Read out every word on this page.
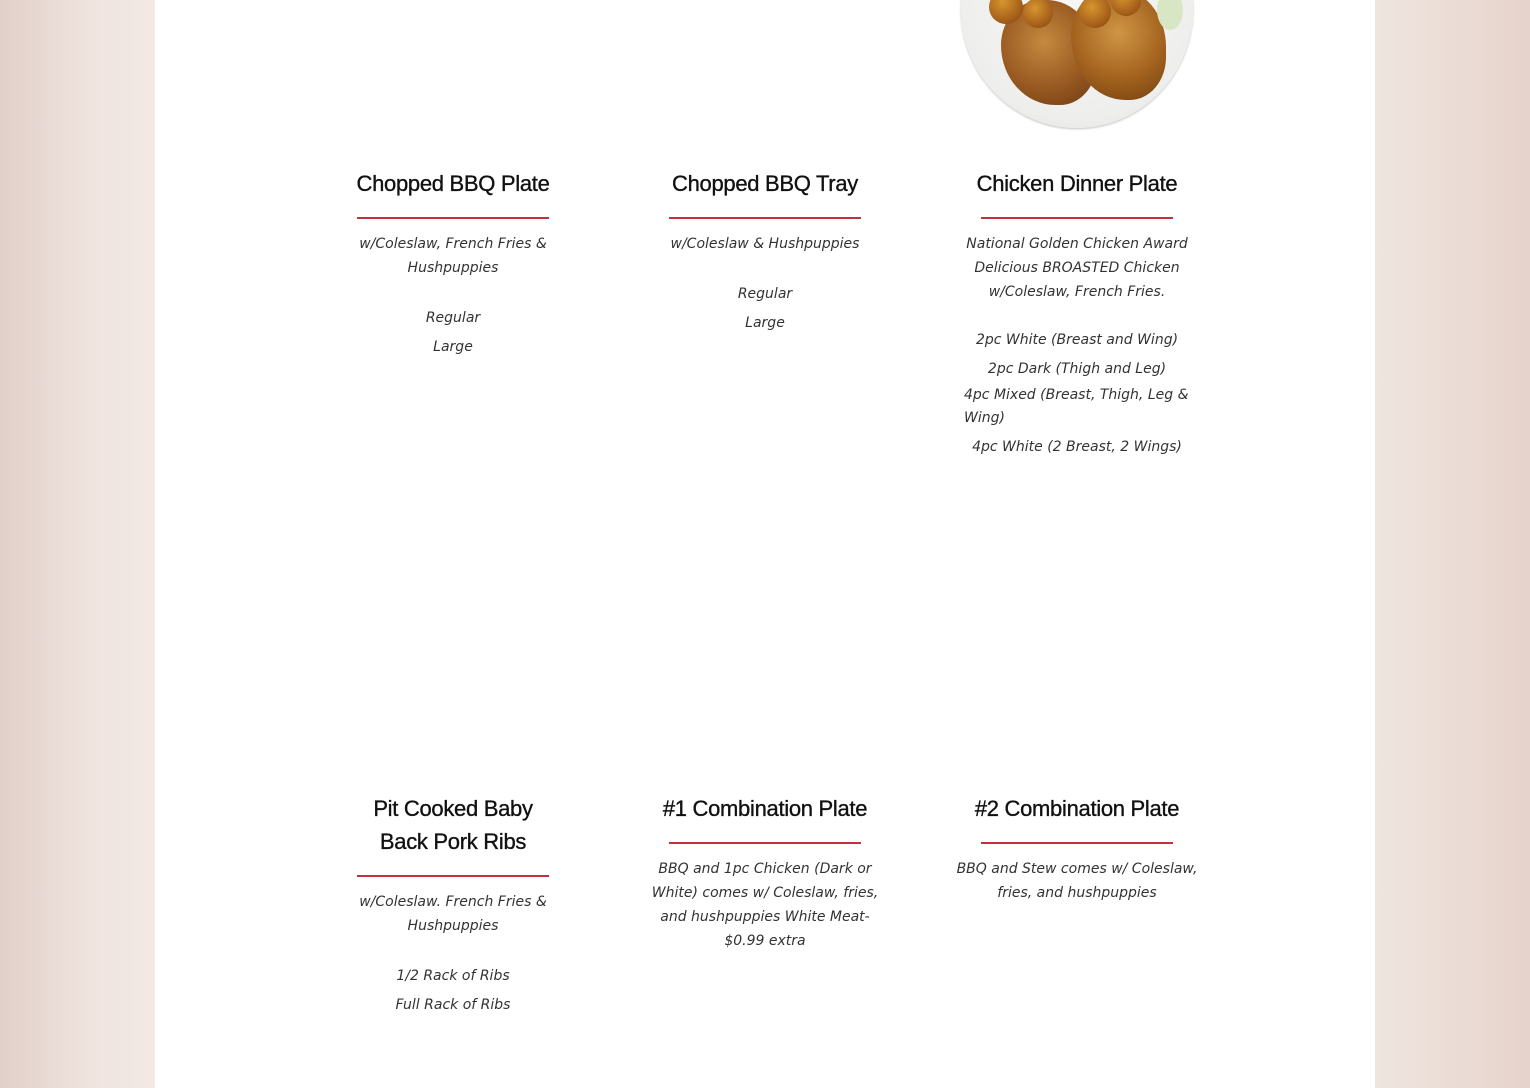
Chopped BBQ Plate

w/Coleslaw, French Fries & Hushpuppies

Regular

Large

Chopped BBQ Tray

w/Coleslaw & Hushpuppies

Regular

Large

Chicken Dinner Plate

National Golden Chicken Award Delicious BROASTED Chicken w/Coleslaw, French Fries.

2pc White (Breast and Wing)

2pc Dark (Thigh and Leg)

4pc Mixed (Breast, Thigh, Leg & Wing)

4pc White (2 Breast, 2 Wings)

Pit Cooked Baby Back Pork Ribs

w/Coleslaw. French Fries & Hushpuppies

1/2 Rack of Ribs

Full Rack of Ribs

#1 Combination Plate

BBQ and 1pc Chicken (Dark or White) comes w/ Coleslaw, fries, and hushpuppies White Meat- $0.99 extra

#2 Combination Plate

BBQ and Stew comes w/ Coleslaw, fries, and hushpuppies
